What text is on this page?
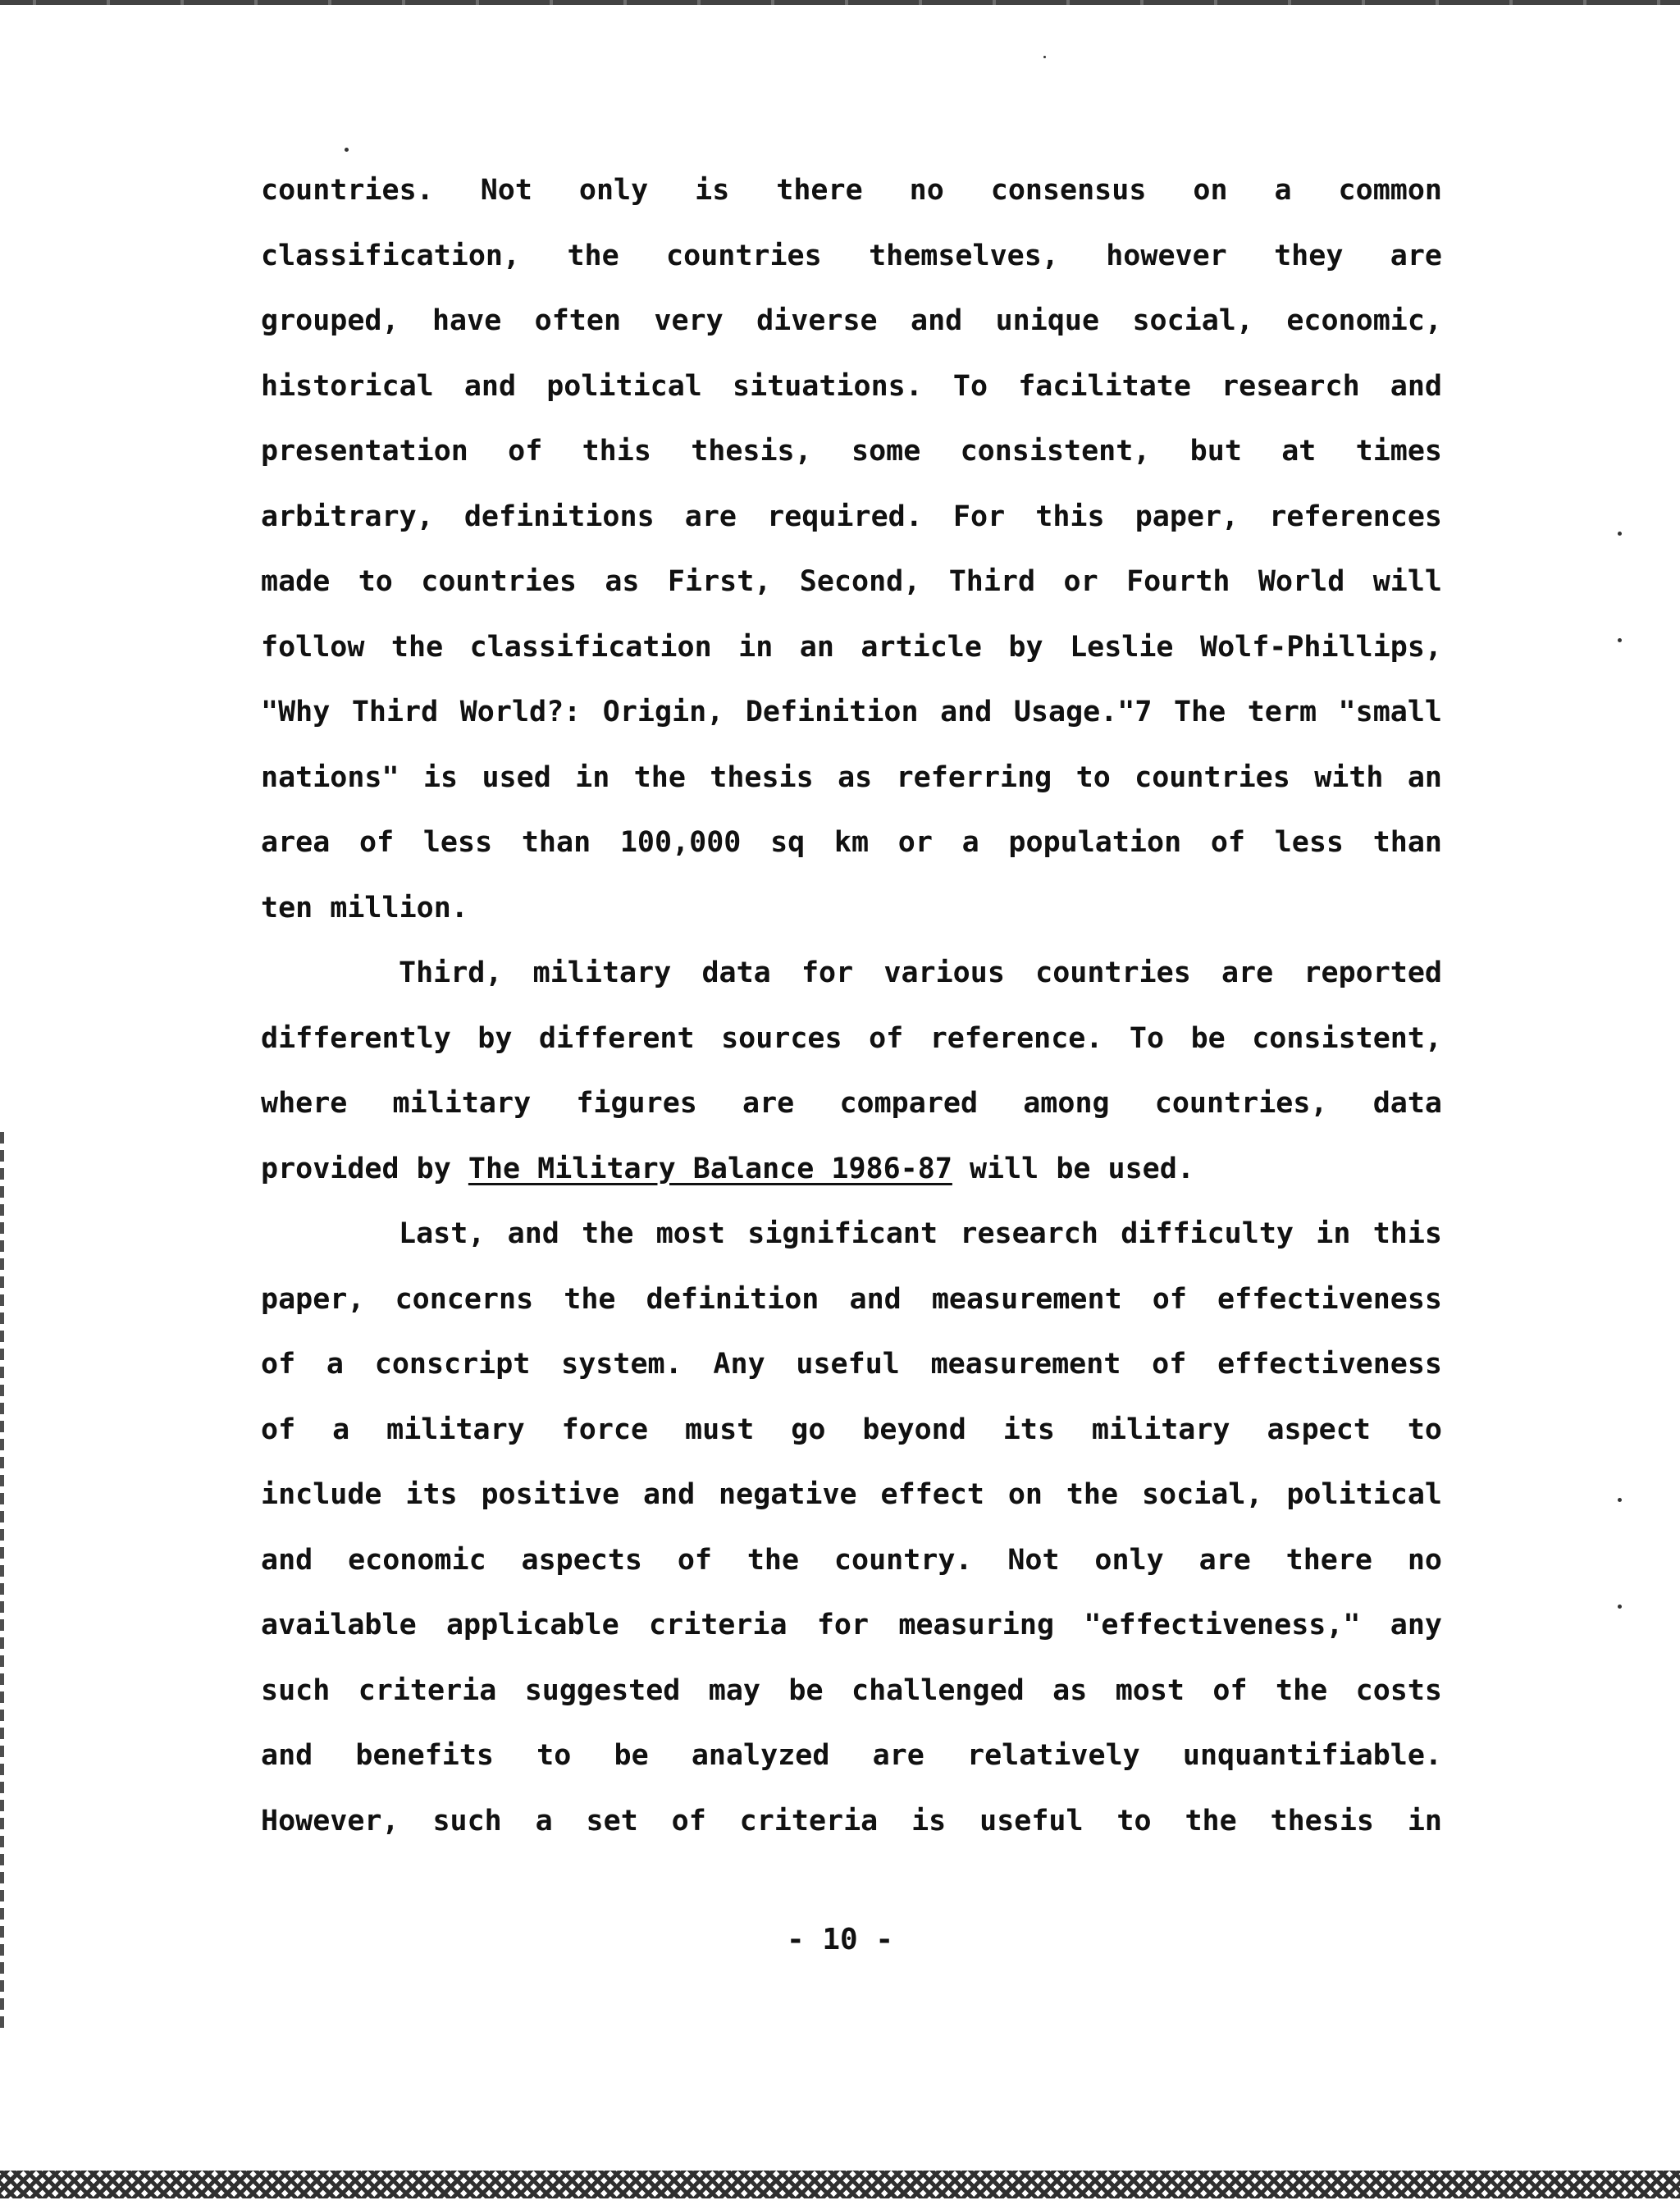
countries. Not only is there no consensus on a common
classification, the countries themselves, however they are
grouped, have often very diverse and unique social, economic,
historical and political situations. To facilitate research and
presentation of this thesis, some consistent, but at times
arbitrary, definitions are required. For this paper, references
made to countries as First, Second, Third or Fourth World will
follow the classification in an article by Leslie Wolf-Phillips,
"Why Third World?: Origin, Definition and Usage."7 The term "small
nations" is used in the thesis as referring to countries with an
area of less than 100,000 sq km or a population of less than
ten million.
Third, military data for various countries are reported
differently by different sources of reference. To be consistent,
where military figures are compared among countries, data
provided by The Military Balance 1986-87 will be used.
Last, and the most significant research difficulty in this
paper, concerns the definition and measurement of effectiveness
of a conscript system. Any useful measurement of effectiveness
of a military force must go beyond its military aspect to
include its positive and negative effect on the social, political
and economic aspects of the country. Not only are there no
available applicable criteria for measuring "effectiveness," any
such criteria suggested may be challenged as most of the costs
and benefits to be analyzed are relatively unquantifiable.
However, such a set of criteria is useful to the thesis in
- 10 -
